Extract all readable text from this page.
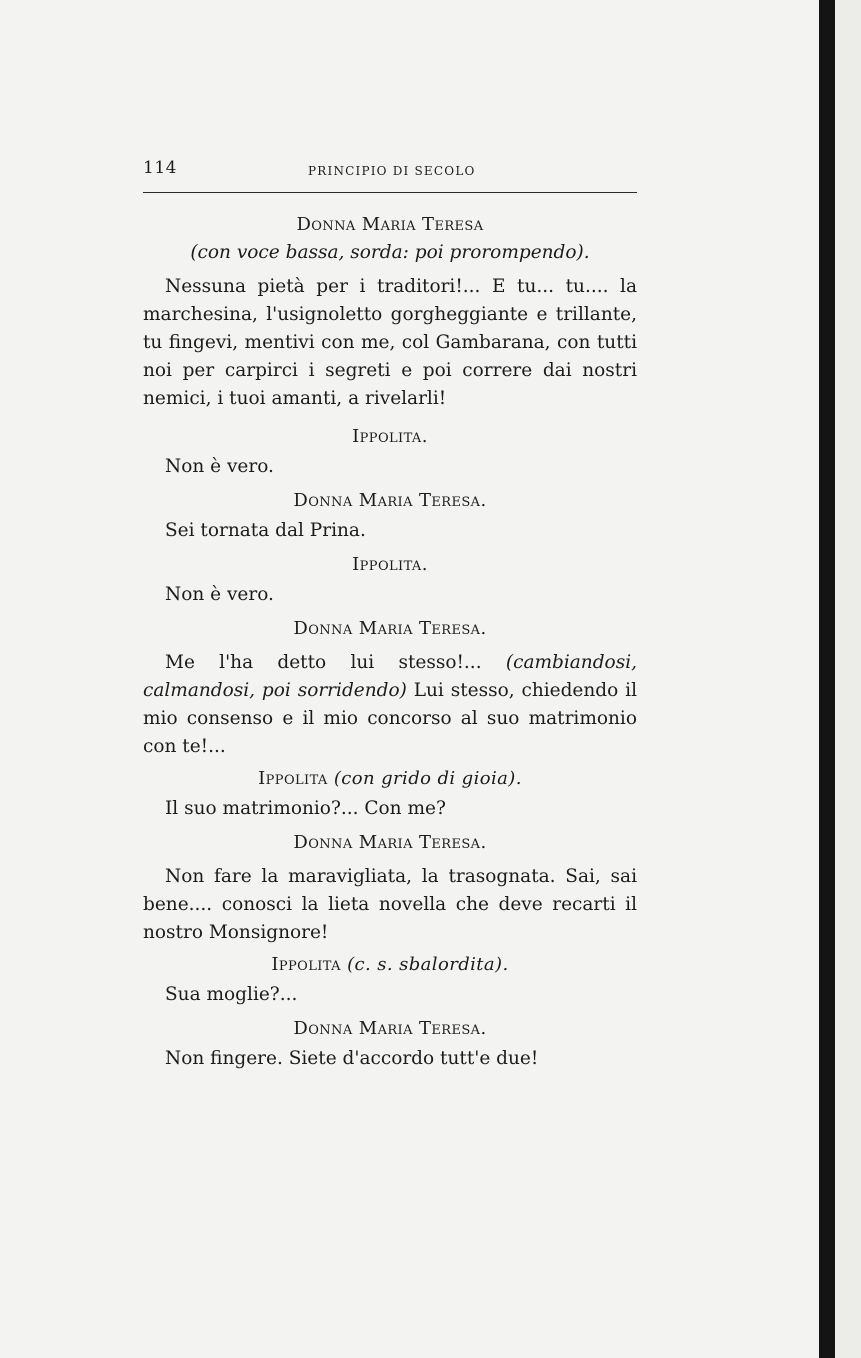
114	PRINCIPIO DI SECOLO
Donna Maria Teresa
(con voce bassa, sorda: poi prorompendo).

Nessuna pietà per i traditori!... E tu... tu.... la marchesina, l'usignoletto gorgheggiante e trillante, tu fingevi, mentivi con me, col Gambarana, con tutti noi per carpirci i segreti e poi correre dai nostri nemici, i tuoi amanti, a rivelarli!

Ippolita.

Non è vero.

Donna Maria Teresa.

Sei tornata dal Prina.

Ippolita.

Non è vero.

Donna Maria Teresa.

Me l'ha detto lui stesso!... (cambiandosi, calmandosi, poi sorridendo) Lui stesso, chiedendo il mio consenso e il mio concorso al suo matrimonio con te!...

Ippolita (con grido di gioia).

Il suo matrimonio?... Con me?

Donna Maria Teresa.

Non fare la maravigliata, la trasognata. Sai, sai bene.... conosci la lieta novella che deve recarti il nostro Monsignore!

Ippolita (c. s. sbalordita).

Sua moglie?...

Donna Maria Teresa.

Non fingere. Siete d'accordo tutt'e due!
